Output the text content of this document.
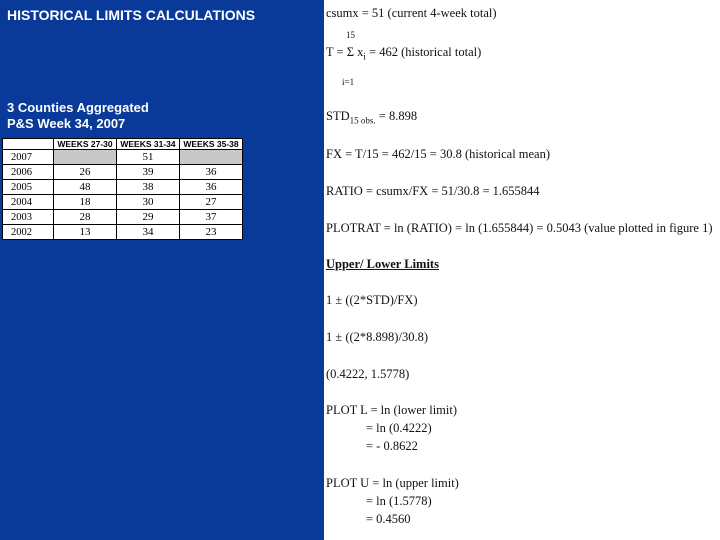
HISTORICAL LIMITS CALCULATIONS
3 Counties Aggregated
P&S Week 34, 2007
	WEEKS 27-30	WEEKS 31-34	WEEKS 35-38
2007		51	
2006	26	39	36
2005	48	38	36
2004	18	30	27
2003	28	29	37
2002	13	34	23
csumx = 51 (current 4-week total)
15
T = Σ $x_i = 462$ (historical total)
i=1
$STD_{15 obs.} = 8.898$
FX = T/15 = 462/15 = 30.8 (historical mean)
RATIO = csumx/FX = 51/30.8 = 1.655844
PLOTRAT = ln (RATIO) = ln (1.655844) = 0.5043 (value plotted in figure 1)
Upper/ Lower Limits
1 ± ((2*STD)/FX)
1 ± ((2*8.898)/30.8)
(0.4222, 1.5778)
PLOT L = ln (lower limit)
= ln (0.4222)
= - 0.8622
PLOT U = ln (upper limit)
= ln (1.5778)
= 0.4560
